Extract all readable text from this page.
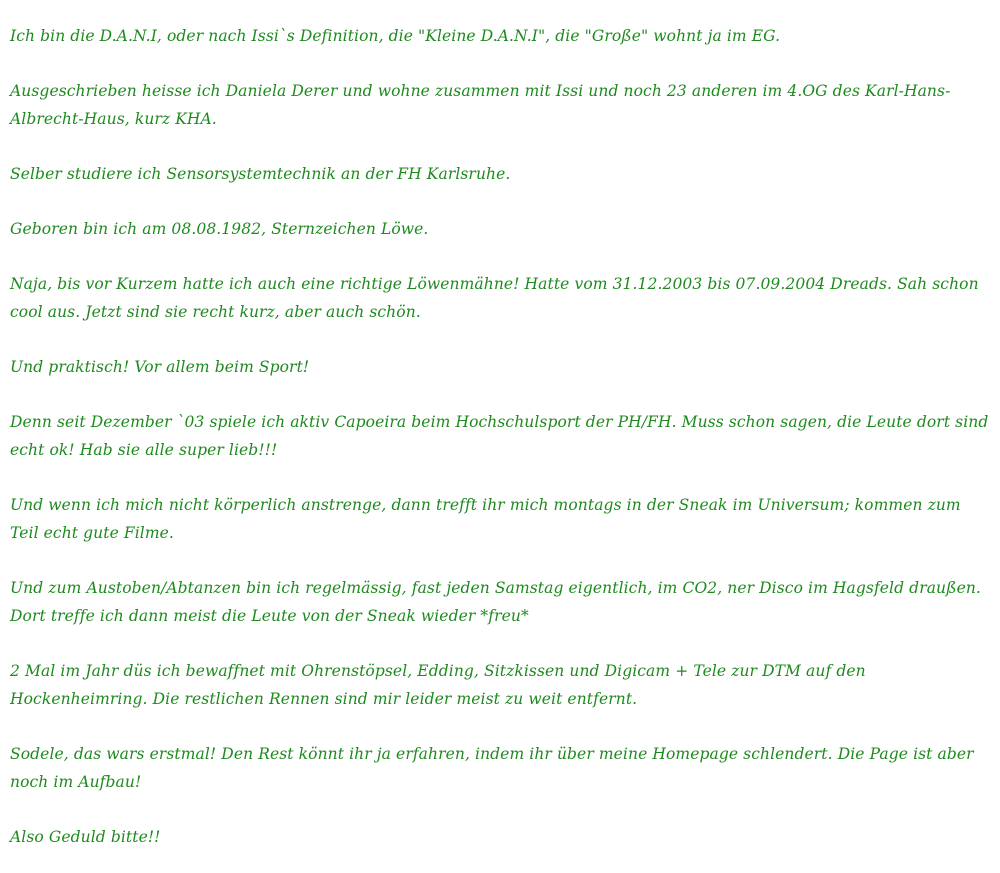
Ich bin die D.A.N.I, oder nach Issi`s Definition, die "Kleine D.A.N.I", die "Große" wohnt ja im EG.

Ausgeschrieben heisse ich Daniela Derer und wohne zusammen mit Issi und noch 23 anderen im 4.OG des Karl-Hans-Albrecht-Haus, kurz KHA.

Selber studiere ich Sensorsystemtechnik an der FH Karlsruhe.

Geboren bin ich am 08.08.1982, Sternzeichen Löwe.

Naja, bis vor Kurzem hatte ich auch eine richtige Löwenmähne! Hatte vom 31.12.2003 bis 07.09.2004 Dreads. Sah schon cool aus. Jetzt sind sie recht kurz, aber auch schön.

Und praktisch! Vor allem beim Sport!

Denn seit Dezember `03 spiele ich aktiv Capoeira beim Hochschulsport der PH/FH. Muss schon sagen, die Leute dort sind echt ok! Hab sie alle super lieb!!!

Und wenn ich mich nicht körperlich anstrenge, dann trefft ihr mich montags in der Sneak im Universum; kommen zum Teil echt gute Filme.

Und zum Austoben/Abtanzen bin ich regelmässig, fast jeden Samstag eigentlich, im CO2, ner Disco im Hagsfeld draußen. Dort treffe ich dann meist die Leute von der Sneak wieder *freu*

2 Mal im Jahr düs ich bewaffnet mit Ohrenstöpsel, Edding, Sitzkissen und Digicam + Tele zur DTM auf den Hockenheimring. Die restlichen Rennen sind mir leider meist zu weit entfernt.

Sodele, das wars erstmal! Den Rest könnt ihr ja erfahren, indem ihr über meine Homepage schlendert. Die Page ist aber noch im Aufbau!

Also Geduld bitte!!
